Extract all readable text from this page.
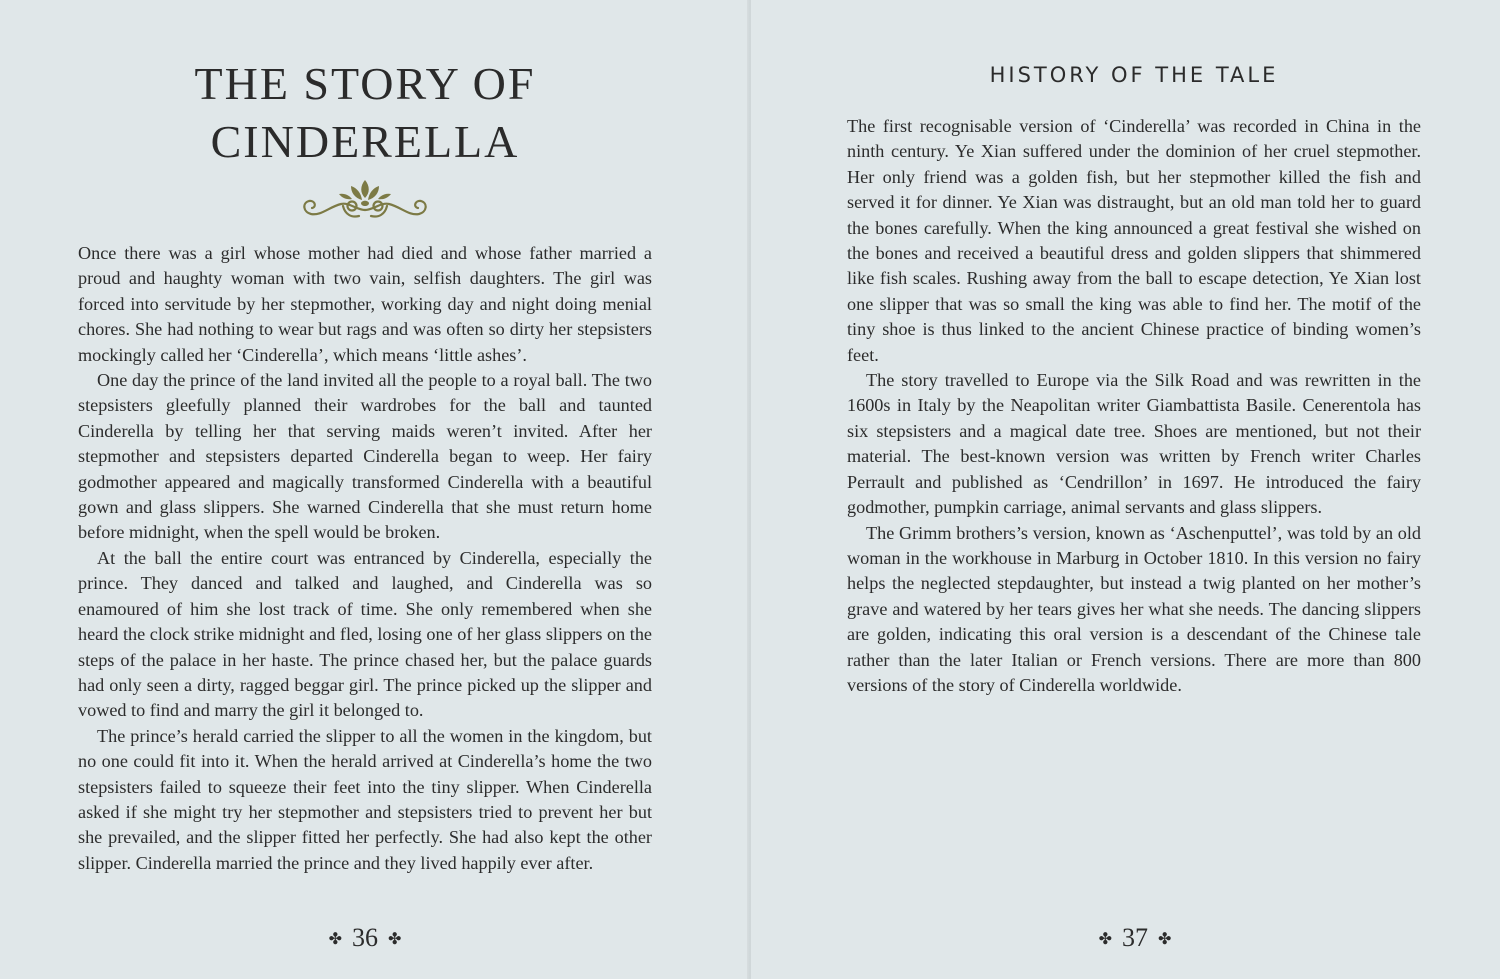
THE STORY OF
CINDERELLA

Once there was a girl whose mother had died and whose father married a proud and haughty woman with two vain, selfish daughters. The girl was forced into servitude by her stepmother, working day and night doing menial chores. She had nothing to wear but rags and was often so dirty her stepsisters mockingly called her ‘Cinderella’, which means ‘little ashes’.

One day the prince of the land invited all the people to a royal ball. The two stepsisters gleefully planned their wardrobes for the ball and taunted Cinderella by telling her that serving maids weren’t invited. After her stepmother and stepsisters departed Cinderella began to weep. Her fairy godmother appeared and magically transformed Cinderella with a beautiful gown and glass slippers. She warned Cinderella that she must return home before midnight, when the spell would be broken.

At the ball the entire court was entranced by Cinderella, especially the prince. They danced and talked and laughed, and Cinderella was so enamoured of him she lost track of time. She only remembered when she heard the clock strike midnight and fled, losing one of her glass slippers on the steps of the palace in her haste. The prince chased her, but the palace guards had only seen a dirty, ragged beggar girl. The prince picked up the slipper and vowed to find and marry the girl it belonged to.

The prince’s herald carried the slipper to all the women in the kingdom, but no one could fit into it. When the herald arrived at Cinderella’s home the two stepsisters failed to squeeze their feet into the tiny slipper. When Cinderella asked if she might try her stepmother and stepsisters tried to prevent her but she prevailed, and the slipper fitted her perfectly. She had also kept the other slipper. Cinderella married the prince and they lived happily ever after.

✤ 36 ✤
HISTORY OF THE TALE

The first recognisable version of ‘Cinderella’ was recorded in China in the ninth century. Ye Xian suffered under the dominion of her cruel stepmother. Her only friend was a golden fish, but her stepmother killed the fish and served it for dinner. Ye Xian was distraught, but an old man told her to guard the bones carefully. When the king announced a great festival she wished on the bones and received a beautiful dress and golden slippers that shimmered like fish scales. Rushing away from the ball to escape detection, Ye Xian lost one slipper that was so small the king was able to find her. The motif of the tiny shoe is thus linked to the ancient Chinese practice of binding women’s feet.

The story travelled to Europe via the Silk Road and was rewritten in the 1600s in Italy by the Neapolitan writer Giambattista Basile. Cenerentola has six stepsisters and a magical date tree. Shoes are mentioned, but not their material. The best-known version was written by French writer Charles Perrault and published as ‘Cendrillon’ in 1697. He introduced the fairy godmother, pumpkin carriage, animal servants and glass slippers.

The Grimm brothers’s version, known as ‘Aschenputtel’, was told by an old woman in the workhouse in Marburg in October 1810. In this version no fairy helps the neglected stepdaughter, but instead a twig planted on her mother’s grave and watered by her tears gives her what she needs. The dancing slippers are golden, indicating this oral version is a descendant of the Chinese tale rather than the later Italian or French versions. There are more than 800 versions of the story of Cinderella worldwide.

✤ 37 ✤
